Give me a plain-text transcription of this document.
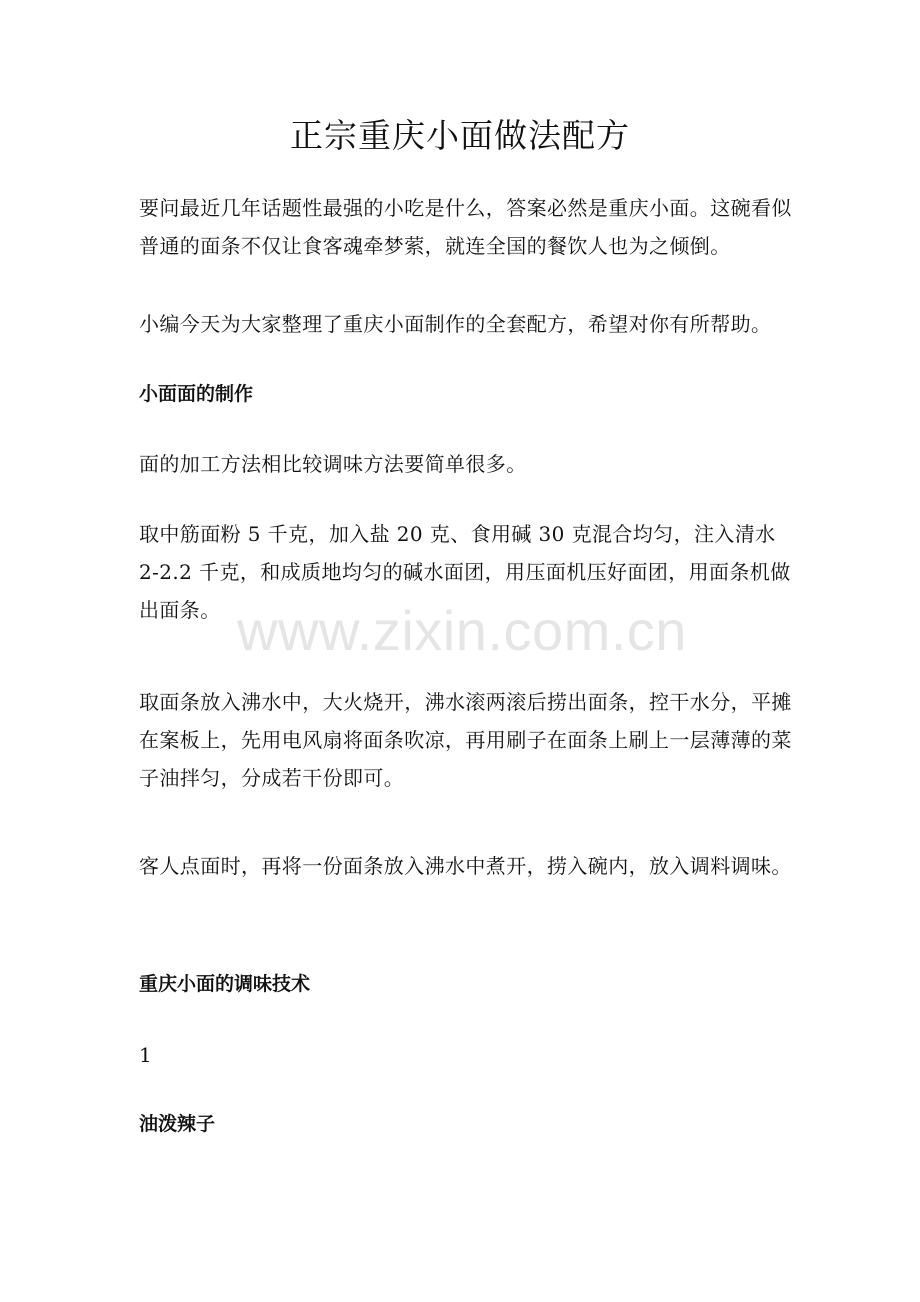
正宗重庆小面做法配方

要问最近几年话题性最强的小吃是什么，答案必然是重庆小面。这碗看似普通的面条不仅让食客魂牵梦萦，就连全国的餐饮人也为之倾倒。

小编今天为大家整理了重庆小面制作的全套配方，希望对你有所帮助。

小面面的制作

面的加工方法相比较调味方法要简单很多。

取中筋面粉 5 千克，加入盐 20 克、食用碱 30 克混合均匀，注入清水 2-2.2 千克，和成质地均匀的碱水面团，用压面机压好面团，用面条机做出面条。

取面条放入沸水中，大火烧开，沸水滚两滚后捞出面条，控干水分，平摊在案板上，先用电风扇将面条吹凉，再用刷子在面条上刷上一层薄薄的菜子油拌匀，分成若干份即可。

客人点面时，再将一份面条放入沸水中煮开，捞入碗内，放入调料调味。

重庆小面的调味技术

1

油泼辣子
www.zixin.com.cn
